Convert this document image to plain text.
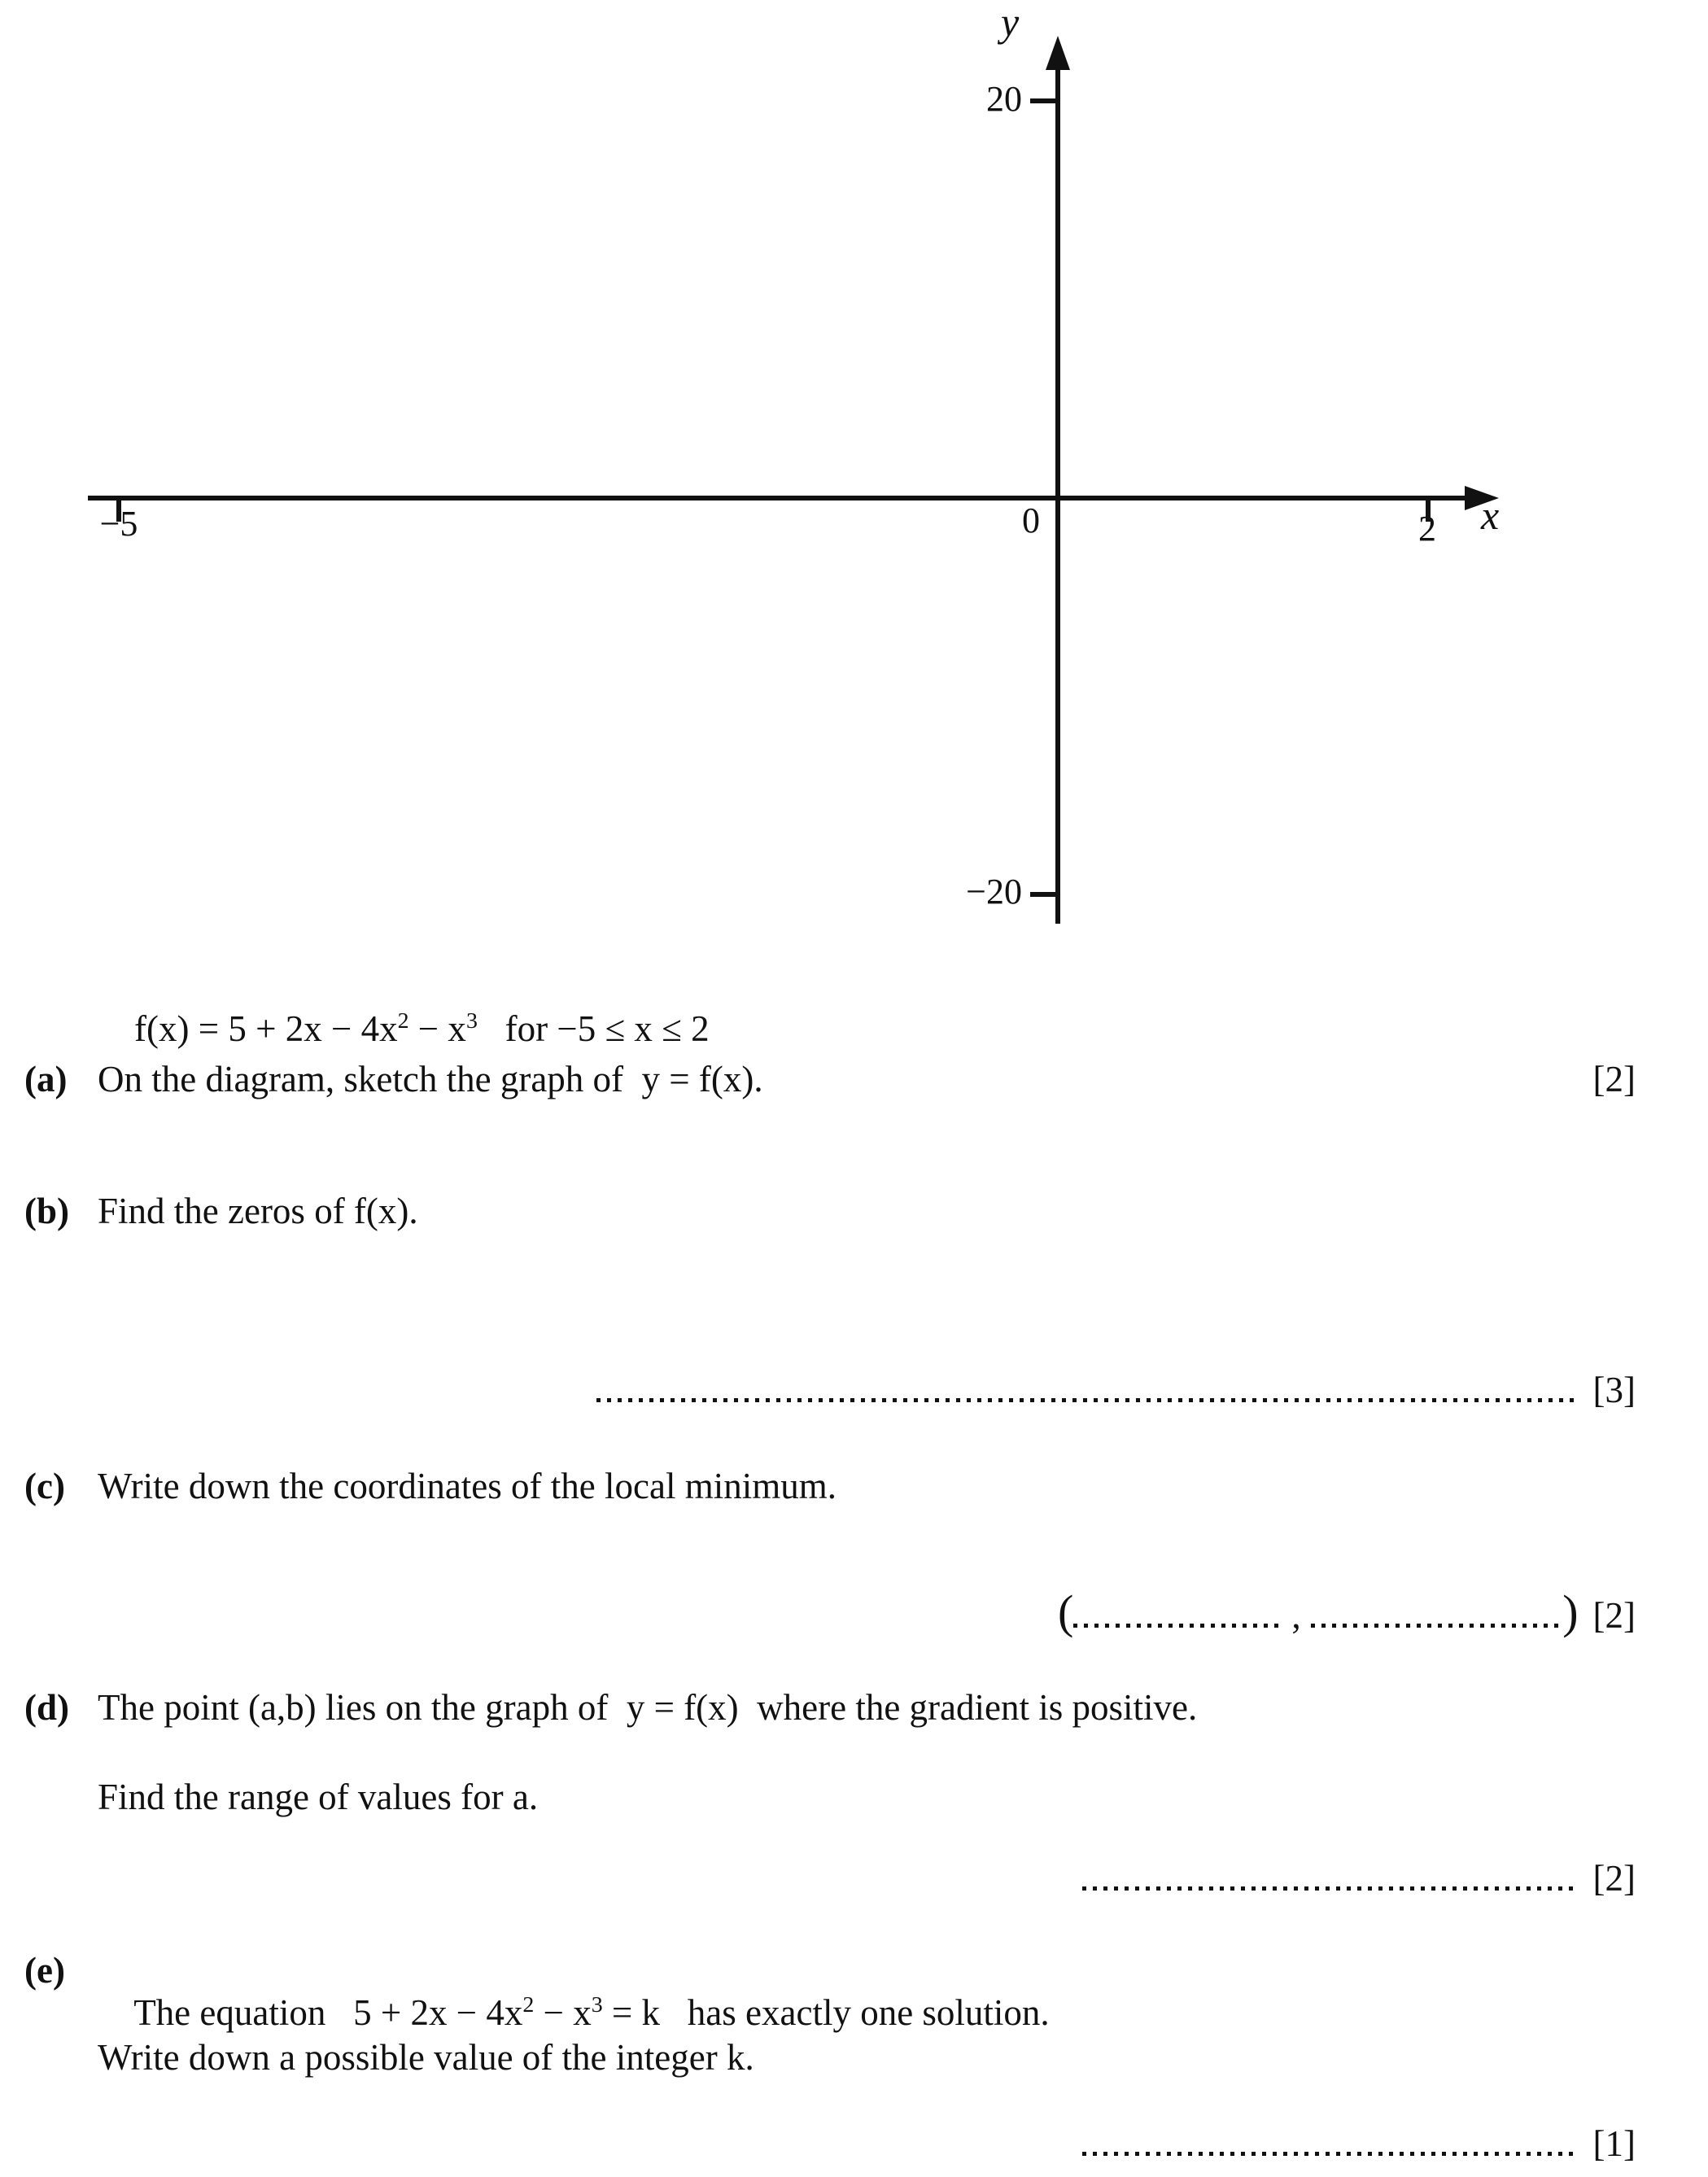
y
x
20
−20
−5	2
0

$f(x) = 5 + 2x - 4x^2 - x^3$   for −5 ≤ x ≤ 2

(a) On the diagram, sketch the graph of  y = f(x).	[2]
(b) Find the zeros of f(x).
[3]
(c) Write down the coordinates of the local minimum.
(	,	) [2]
(d) The point (a,b) lies on the graph of  y = f(x)  where the gradient is positive.
Find the range of values for a.
[2]
(e)

The equation   $5 + 2x - 4x^2 - x^3 = k$   has exactly one solution.

Write down a possible value of the integer k.
[1]
